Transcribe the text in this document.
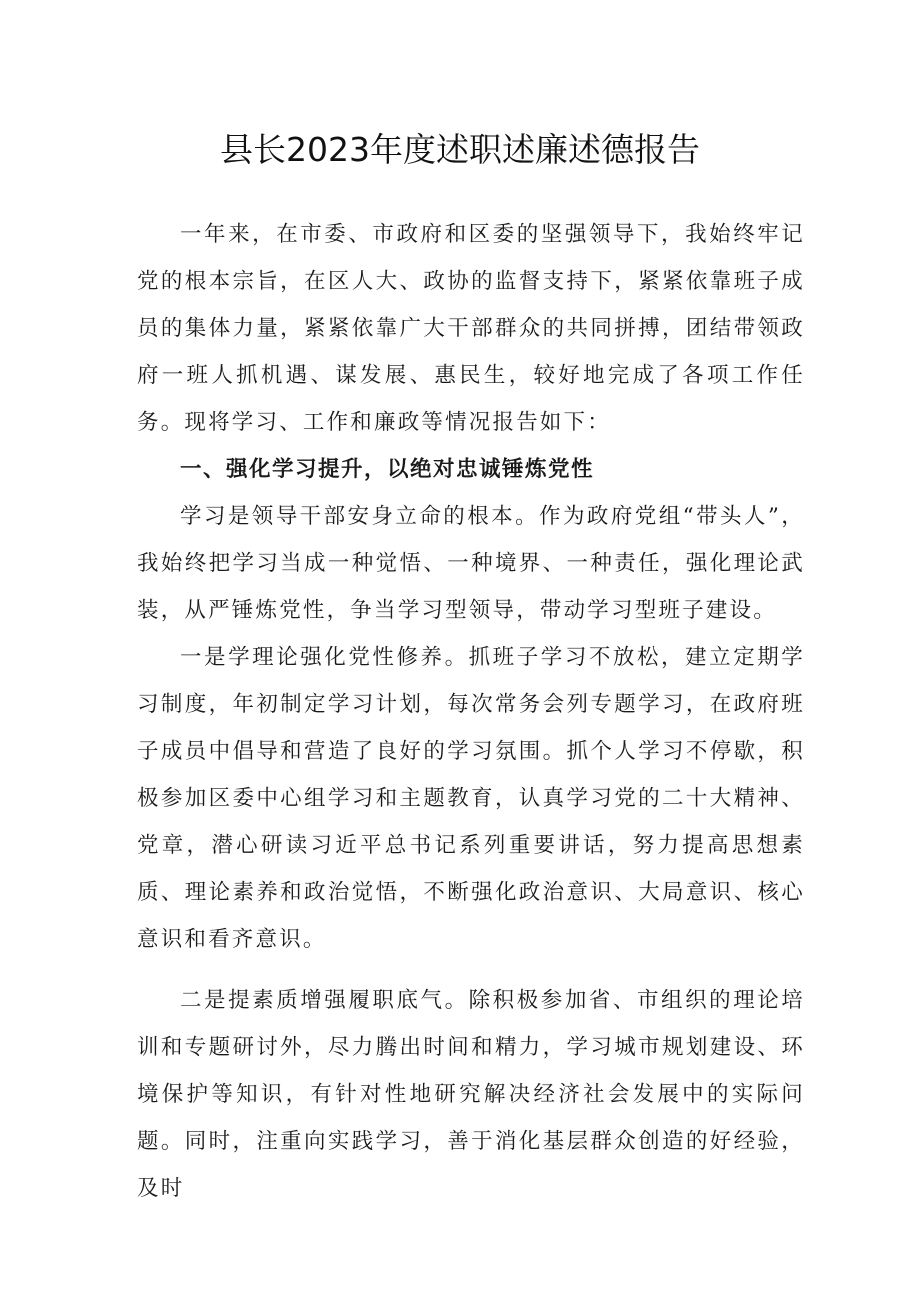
县长2023年度述职述廉述德报告

一年来，在市委、市政府和区委的坚强领导下，我始终牢记党的根本宗旨，在区人大、政协的监督支持下，紧紧依靠班子成员的集体力量，紧紧依靠广大干部群众的共同拼搏，团结带领政府一班人抓机遇、谋发展、惠民生，较好地完成了各项工作任务。现将学习、工作和廉政等情况报告如下：

一、强化学习提升，以绝对忠诚锤炼党性

学习是领导干部安身立命的根本。作为政府党组“带头人”，我始终把学习当成一种觉悟、一种境界、一种责任，强化理论武装，从严锤炼党性，争当学习型领导，带动学习型班子建设。

一是学理论强化党性修养。抓班子学习不放松，建立定期学习制度，年初制定学习计划，每次常务会列专题学习，在政府班子成员中倡导和营造了良好的学习氛围。抓个人学习不停歇，积极参加区委中心组学习和主题教育，认真学习党的二十大精神、党章，潜心研读习近平总书记系列重要讲话，努力提高思想素质、理论素养和政治觉悟，不断强化政治意识、大局意识、核心意识和看齐意识。

二是提素质增强履职底气。除积极参加省、市组织的理论培训和专题研讨外，尽力腾出时间和精力，学习城市规划建设、环境保护等知识，有针对性地研究解决经济社会发展中的实际问题。同时，注重向实践学习，善于消化基层群众创造的好经验，及时
